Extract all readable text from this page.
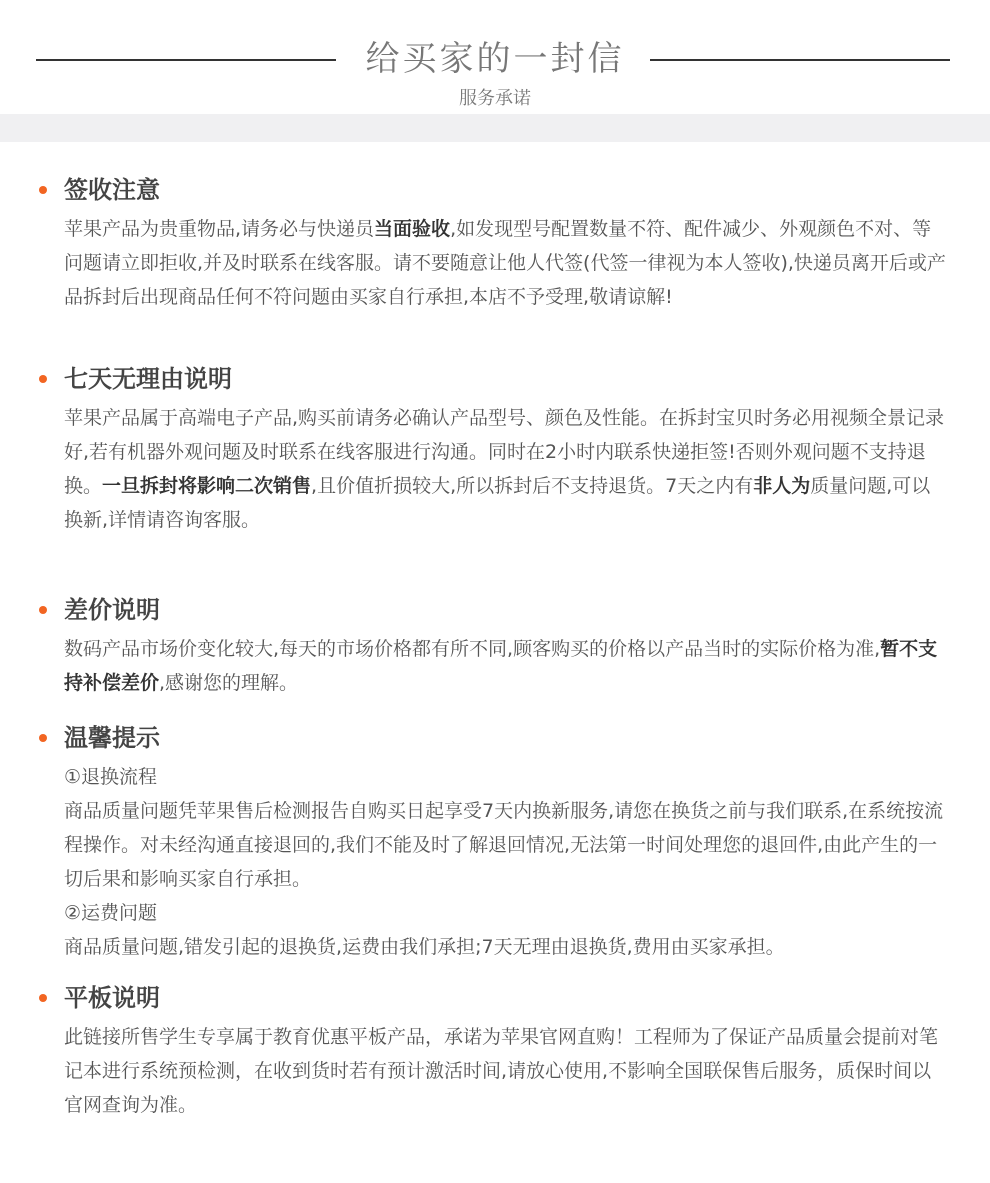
给买家的一封信
服务承诺
签收注意
苹果产品为贵重物品,请务必与快递员当面验收,如发现型号配置数量不符、配件减少、外观颜色不对、等问题请立即拒收,并及时联系在线客服。请不要随意让他人代签(代签一律视为本人签收),快递员离开后或产品拆封后出现商品任何不符问题由买家自行承担,本店不予受理,敬请谅解!
七天无理由说明
苹果产品属于高端电子产品,购买前请务必确认产品型号、颜色及性能。在拆封宝贝时务必用视频全景记录好,若有机器外观问题及时联系在线客服进行沟通。同时在2小时内联系快递拒签!否则外观问题不支持退换。一旦拆封将影响二次销售,且价值折损较大,所以拆封后不支持退货。7天之内有非人为质量问题,可以换新,详情请咨询客服。
差价说明
数码产品市场价变化较大,每天的市场价格都有所不同,顾客购买的价格以产品当时的实际价格为准,暂不支持补偿差价,感谢您的理解。
温馨提示
①退换流程
商品质量问题凭苹果售后检测报告自购买日起享受7天内换新服务,请您在换货之前与我们联系,在系统按流程操作。对未经沟通直接退回的,我们不能及时了解退回情况,无法第一时间处理您的退回件,由此产生的一切后果和影响买家自行承担。
②运费问题
商品质量问题,错发引起的退换货,运费由我们承担;7天无理由退换货,费用由买家承担。
平板说明
此链接所售学生专享属于教育优惠平板产品，承诺为苹果官网直购！工程师为了保证产品质量会提前对笔记本进行系统预检测，在收到货时若有预计激活时间,请放心使用,不影响全国联保售后服务，质保时间以官网查询为准。
